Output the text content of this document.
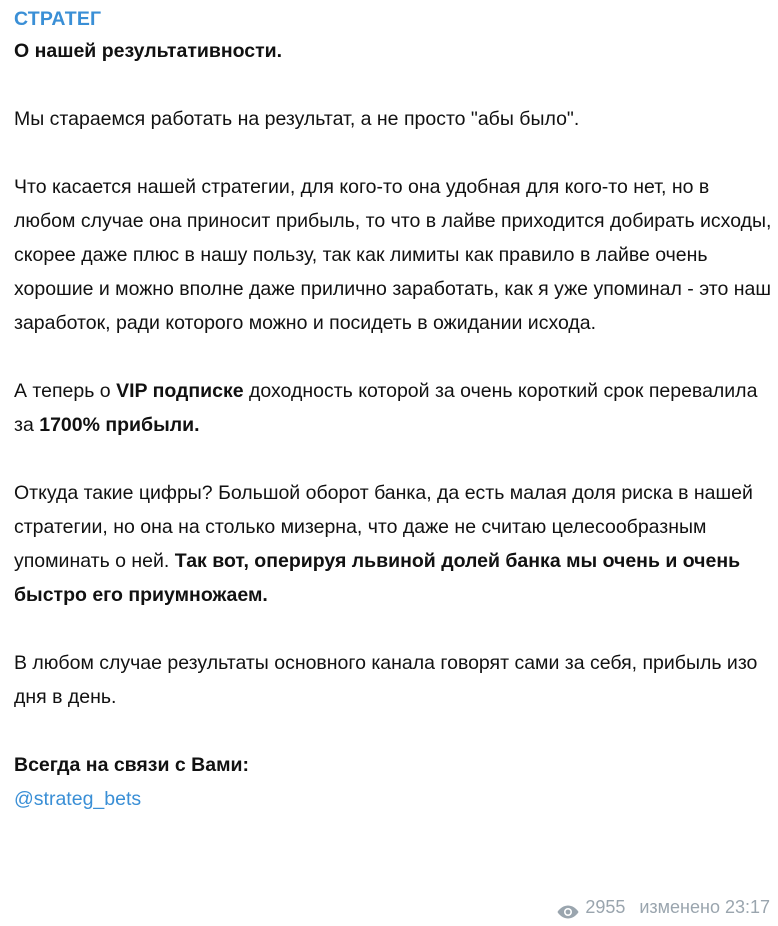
СТРАТЕГ

О нашей результативности.

Мы стараемся работать на результат, а не просто "абы было".

Что касается нашей стратегии, для кого-то она удобная для кого-то нет, но в любом случае она приносит прибыль, то что в лайве приходится добирать исходы, скорее даже плюс в нашу пользу, так как лимиты как правило в лайве очень хорошие и можно вполне даже прилично заработать, как я уже упоминал - это наш заработок, ради которого можно и посидеть в ожидании исхода.

А теперь о VIP подписке доходность которой за очень короткий срок перевалила за 1700% прибыли.

Откуда такие цифры? Большой оборот банка, да есть малая доля риска в нашей стратегии, но она на столько мизерна, что даже не считаю целесообразным упоминать о ней. Так вот, оперируя львиной долей банка мы очень и очень быстро его приумножаем.

В любом случае результаты основного канала говорят сами за себя, прибыль изо дня в день.

Всегда на связи с Вами:

@strateg_bets

2955 изменено 23:17
